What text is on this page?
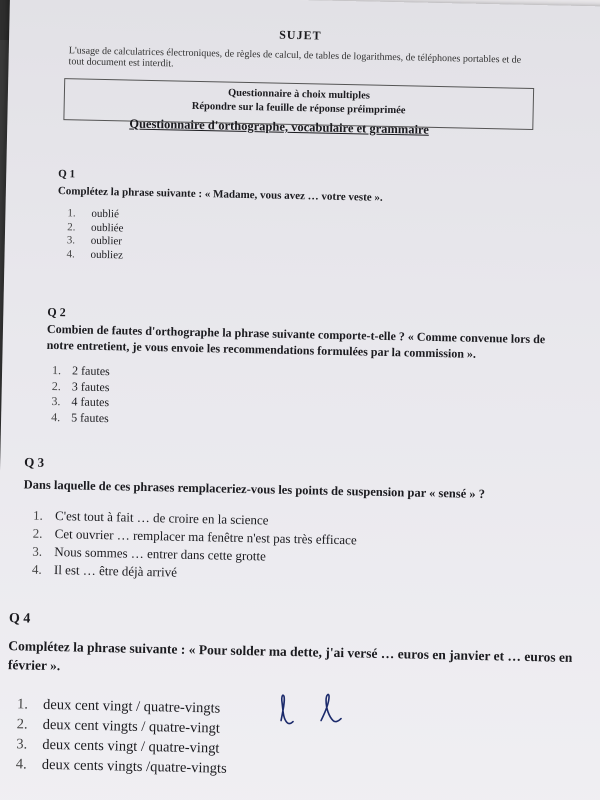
SUJET
L'usage de calculatrices électroniques, de règles de calcul, de tables de logarithmes, de téléphones portables et de tout document est interdit.
Questionnaire à choix multiples
Répondre sur la feuille de réponse préimprimée
Questionnaire d'orthographe, vocabulaire et grammaire
Q 1
Complétez la phrase suivante : « Madame, vous avez … votre veste ».
1. oublié
2. oubliée
3. oublier
4. oubliez
Q 2
Combien de fautes d'orthographe la phrase suivante comporte-t-elle ? « Comme convenue lors de notre entretient, je vous envoie les recommendations formulées par la commission ».
1. 2 fautes
2. 3 fautes
3. 4 fautes
4. 5 fautes
Q 3
Dans laquelle de ces phrases remplaceriez-vous les points de suspension par « sensé » ?
1. C'est tout à fait … de croire en la science
2. Cet ouvrier … remplacer ma fenêtre n'est pas très efficace
3. Nous sommes … entrer dans cette grotte
4. Il est … être déjà arrivé
Q 4
Complétez la phrase suivante : « Pour solder ma dette, j'ai versé … euros en janvier et … euros en février ».
1. deux cent vingt / quatre-vingts
2. deux cent vingts / quatre-vingt
3. deux cents vingt / quatre-vingt
4. deux cents vingts /quatre-vingts
